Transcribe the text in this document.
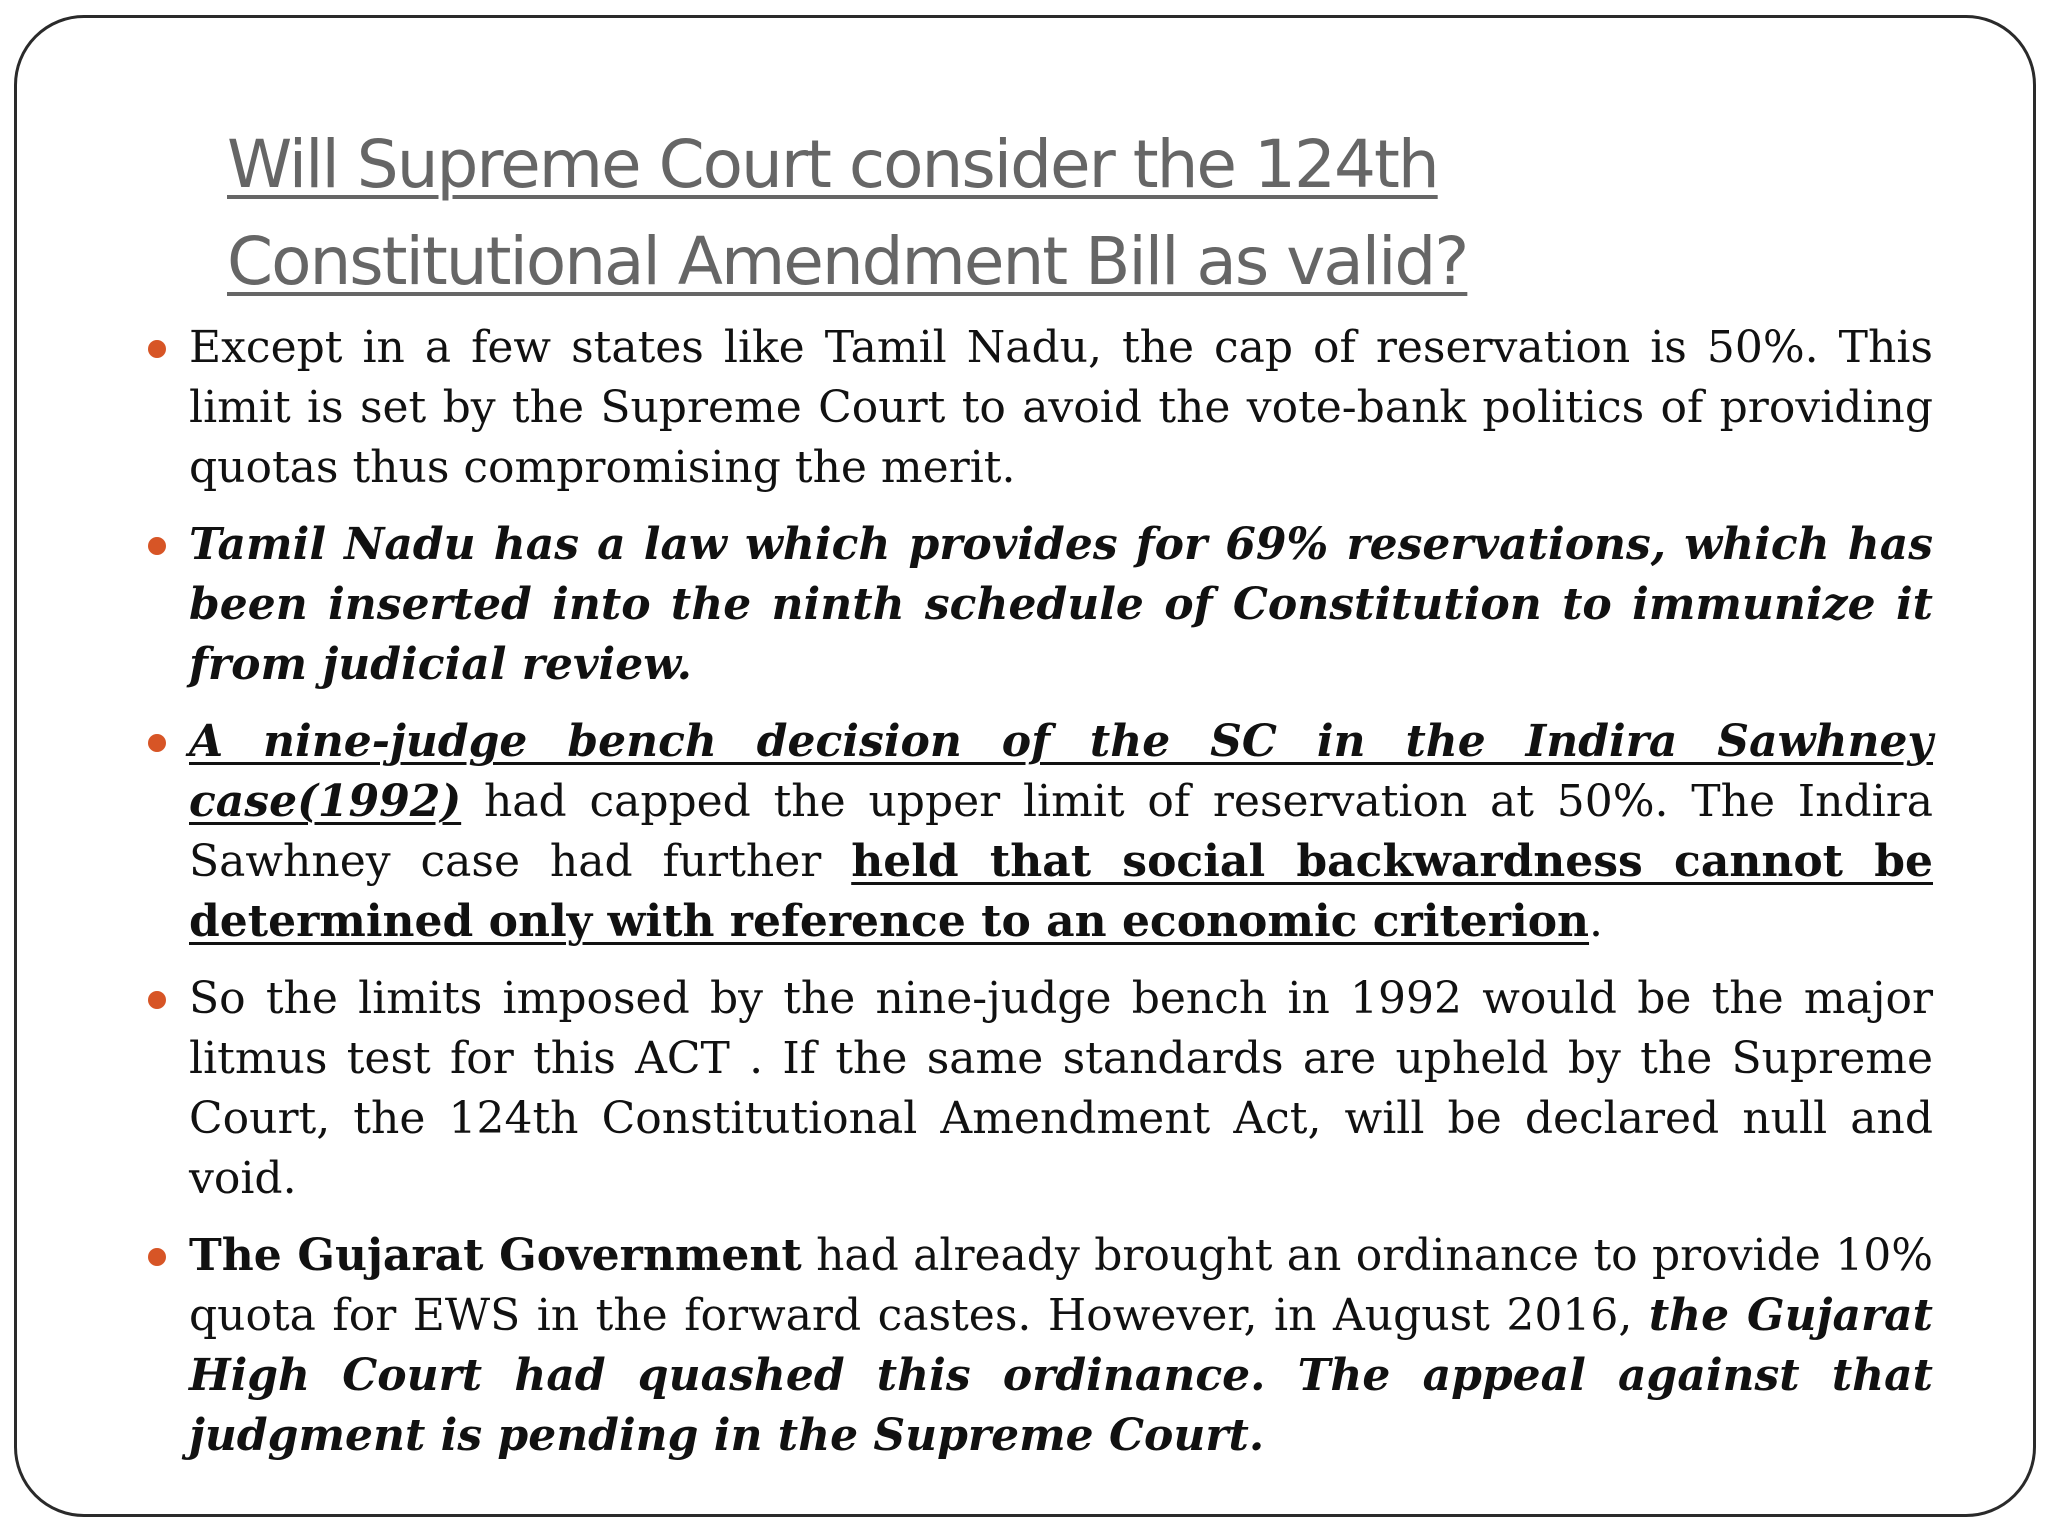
Will Supreme Court consider the 124th Constitutional Amendment Bill as valid?
Except in a few states like Tamil Nadu, the cap of reservation is 50%. This limit is set by the Supreme Court to avoid the vote-bank politics of providing quotas thus compromising the merit.
Tamil Nadu has a law which provides for 69% reservations, which has been inserted into the ninth schedule of Constitution to immunize it from judicial review.
A nine-judge bench decision of the SC in the Indira Sawhney case(1992) had capped the upper limit of reservation at 50%. The Indira Sawhney case had further held that social backwardness cannot be determined only with reference to an economic criterion.
So the limits imposed by the nine-judge bench in 1992 would be the major litmus test for this ACT . If the same standards are upheld by the Supreme Court, the 124th Constitutional Amendment Act, will be declared null and void.
The Gujarat Government had already brought an ordinance to provide 10% quota for EWS in the forward castes. However, in August 2016, the Gujarat High Court had quashed this ordinance. The appeal against that judgment is pending in the Supreme Court.
